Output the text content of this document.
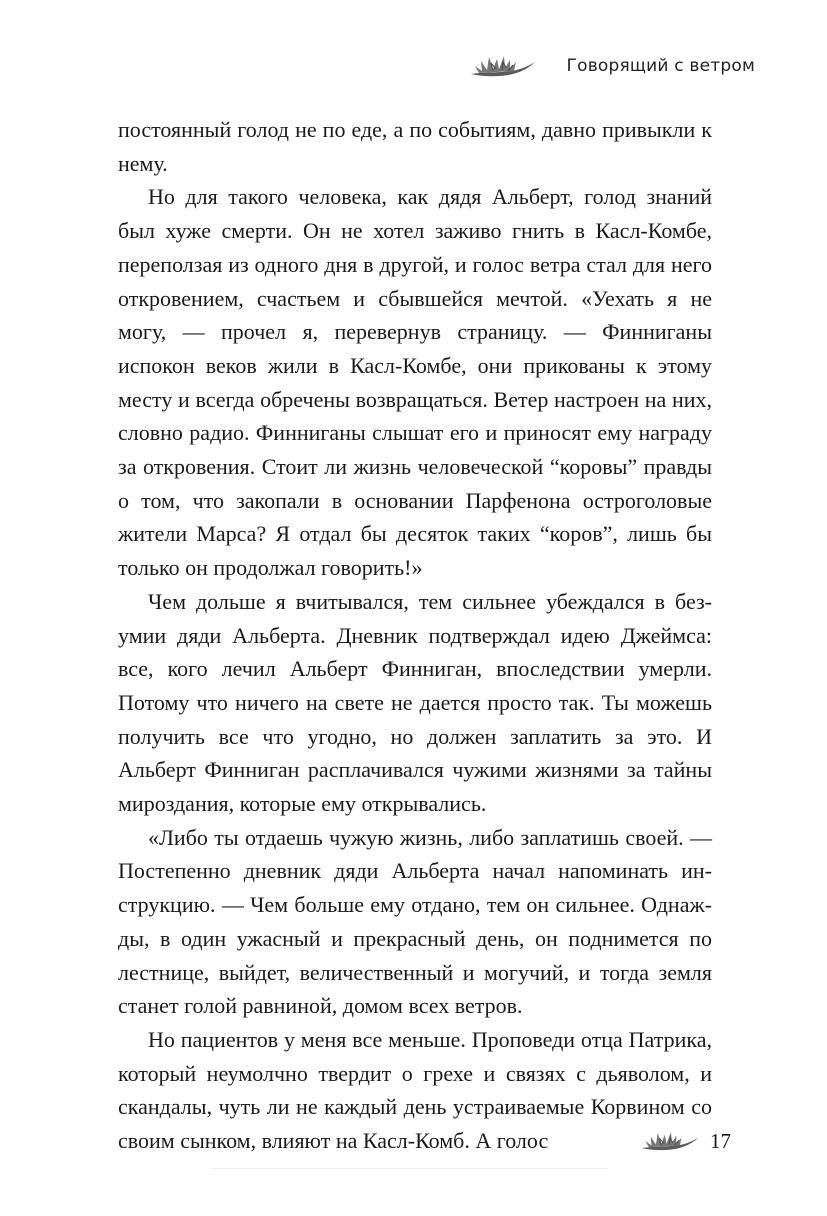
Говорящий с ветром

постоянный голод не по еде, а по событиям, давно привыкли к нему.

Но для такого человека, как дядя Альберт, голод знаний был хуже смерти. Он не хотел заживо гнить в Касл-Комбе, переползая из одного дня в другой, и голос ветра стал для него откровением, счастьем и сбывшейся мечтой. «Уехать я не могу, — прочел я, перевернув страницу. — Финниганы испокон веков жили в Касл-Комбе, они прикованы к этому месту и всегда обречены возвращаться. Ветер настроен на них, словно радио. Финниганы слышат его и приносят ему награду за откровения. Стоит ли жизнь человеческой “коровы” правды о том, что закопали в основании Парфенона остроголовые жители Марса? Я отдал бы десяток таких “коров”, лишь бы только он продолжал говорить!»

Чем дольше я вчитывался, тем сильнее убеждался в безумии дяди Альберта. Дневник подтверждал идею Джеймса: все, кого лечил Альберт Финниган, впоследствии умерли. Потому что ничего на свете не дается просто так. Ты можешь получить все что угодно, но должен заплатить за это. И Альберт Финниган расплачивался чужими жизнями за тайны мироздания, которые ему открывались.

«Либо ты отдаешь чужую жизнь, либо заплатишь своей. — Постепенно дневник дяди Альберта начал напоминать инструкцию. — Чем больше ему отдано, тем он сильнее. Однажды, в один ужасный и прекрасный день, он поднимется по лестнице, выйдет, величественный и могучий, и тогда земля станет голой равниной, домом всех ветров.

Но пациентов у меня все меньше. Проповеди отца Патрика, который неумолчно твердит о грехе и связях с дьяволом, и скандалы, чуть ли не каждый день устраиваемые Корвином со своим сынком, влияют на Касл-Комб. А голос	17
